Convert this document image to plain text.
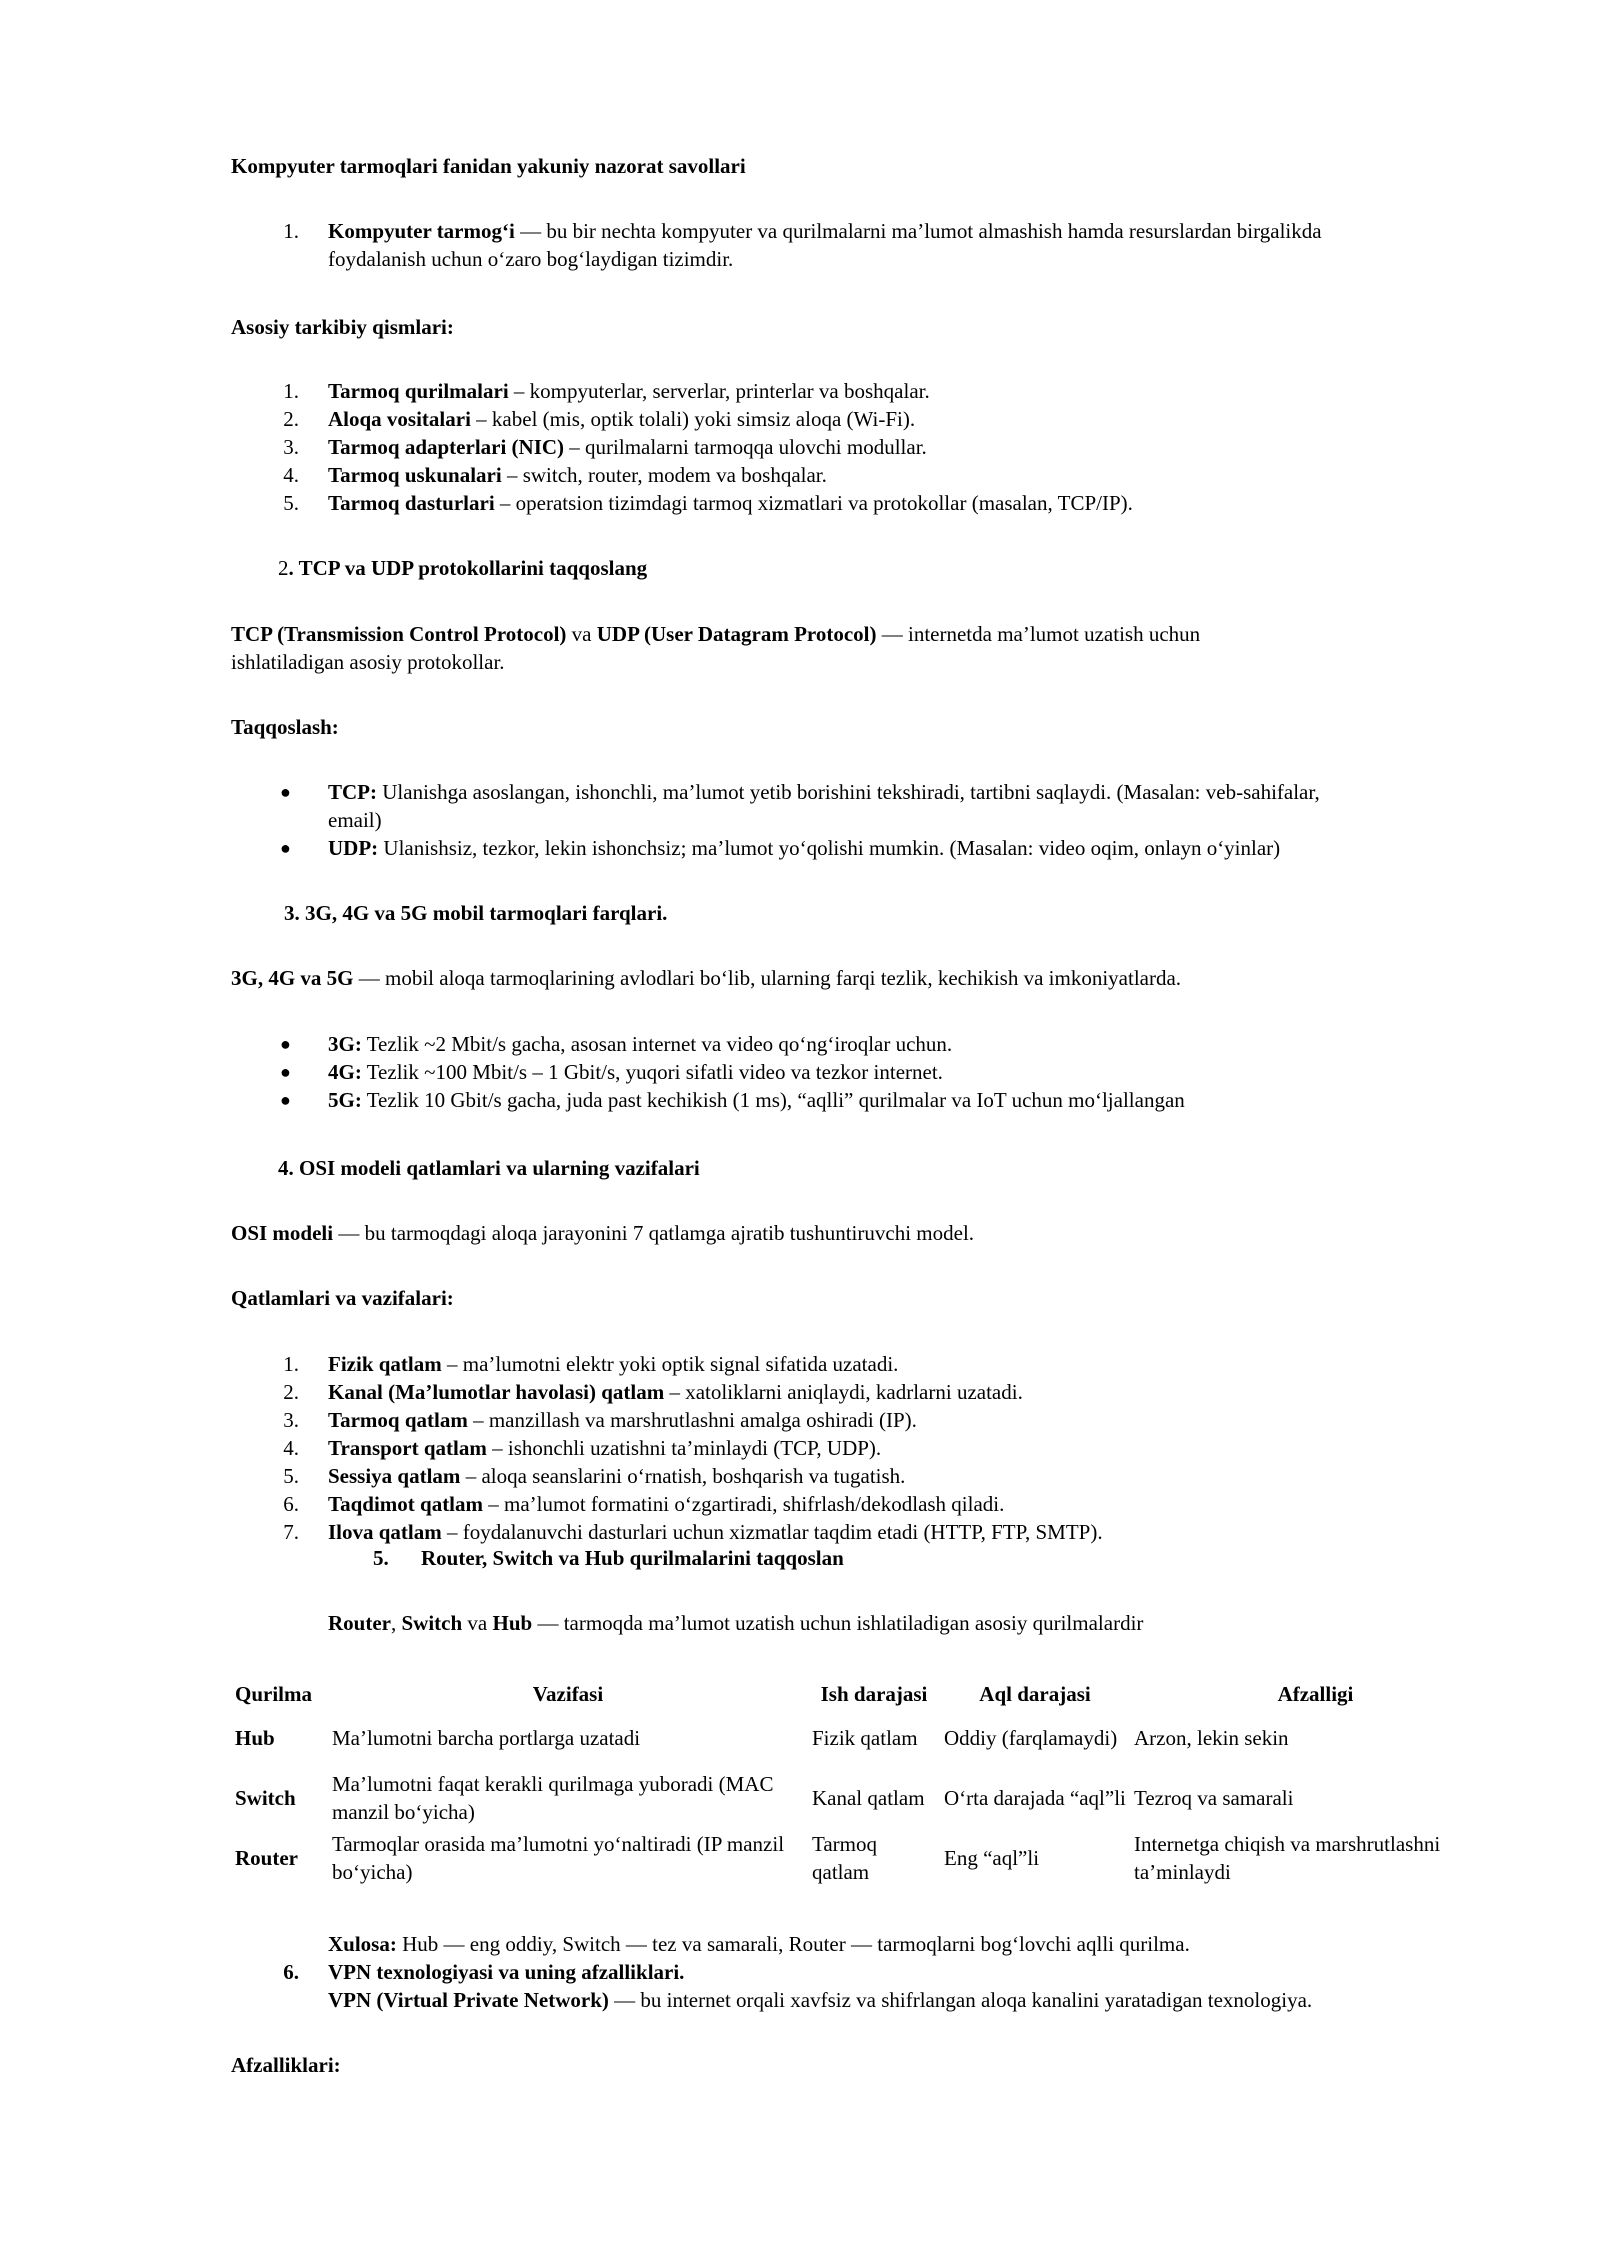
Kompyuter tarmoqlari fanidan yakuniy nazorat savollari

1. Kompyuter tarmog‘i — bu bir nechta kompyuter va qurilmalarni ma’lumot almashish hamda resurslardan birgalikda

foydalanish uchun o‘zaro bog‘laydigan tizimdir.

Asosiy tarkibiy qismlari:

1. Tarmoq qurilmalari – kompyuterlar, serverlar, printerlar va boshqalar.

2. Aloqa vositalari – kabel (mis, optik tolali) yoki simsiz aloqa (Wi-Fi).

3. Tarmoq adapterlari (NIC) – qurilmalarni tarmoqqa ulovchi modullar.

4. Tarmoq uskunalari – switch, router, modem va boshqalar.

5. Tarmoq dasturlari – operatsion tizimdagi tarmoq xizmatlari va protokollar (masalan, TCP/IP).

2. TCP va UDP protokollarini taqqoslang

TCP (Transmission Control Protocol) va UDP (User Datagram Protocol) — internetda ma’lumot uzatish uchun

ishlatiladigan asosiy protokollar.

Taqqoslash:

● TCP: Ulanishga asoslangan, ishonchli, ma’lumot yetib borishini tekshiradi, tartibni saqlaydi. (Masalan: veb-sahifalar,

email)

● UDP: Ulanishsiz, tezkor, lekin ishonchsiz; ma’lumot yo‘qolishi mumkin. (Masalan: video oqim, onlayn o‘yinlar)

3. 3G, 4G va 5G mobil tarmoqlari farqlari.

3G, 4G va 5G — mobil aloqa tarmoqlarining avlodlari bo‘lib, ularning farqi tezlik, kechikish va imkoniyatlarda.

● 3G: Tezlik ~2 Mbit/s gacha, asosan internet va video qo‘ng‘iroqlar uchun.

● 4G: Tezlik ~100 Mbit/s – 1 Gbit/s, yuqori sifatli video va tezkor internet.

● 5G: Tezlik 10 Gbit/s gacha, juda past kechikish (1 ms), “aqlli” qurilmalar va IoT uchun mo‘ljallangan

4. OSI modeli qatlamlari va ularning vazifalari

OSI modeli — bu tarmoqdagi aloqa jarayonini 7 qatlamga ajratib tushuntiruvchi model.

Qatlamlari va vazifalari:

1. Fizik qatlam – ma’lumotni elektr yoki optik signal sifatida uzatadi.

2. Kanal (Ma’lumotlar havolasi) qatlam – xatoliklarni aniqlaydi, kadrlarni uzatadi.

3. Tarmoq qatlam – manzillash va marshrutlashni amalga oshiradi (IP).

4. Transport qatlam – ishonchli uzatishni ta’minlaydi (TCP, UDP).

5. Sessiya qatlam – aloqa seanslarini o‘rnatish, boshqarish va tugatish.

6. Taqdimot qatlam – ma’lumot formatini o‘zgartiradi, shifrlash/dekodlash qiladi.

7. Ilova qatlam – foydalanuvchi dasturlari uchun xizmatlar taqdim etadi (HTTP, FTP, SMTP).

5. Router, Switch va Hub qurilmalarini taqqoslan

Router, Switch va Hub — tarmoqda ma’lumot uzatish uchun ishlatiladigan asosiy qurilmalardir

Qurilma	Vazifasi	Ish darajasi	Aql darajasi	Afzalligi
Hub	Ma’lumotni barcha portlarga uzatadi	Fizik qatlam	Oddiy (farqlamaydi)	Arzon, lekin sekin
Switch	Ma’lumotni faqat kerakli qurilmaga yuboradi (MAC manzil bo‘yicha)	Kanal qatlam	O‘rta darajada “aql”li	Tezroq va samarali
Router	Tarmoqlar orasida ma’lumotni yo‘naltiradi (IP manzil bo‘yicha)	Tarmoq qatlam	Eng “aql”li	Internetga chiqish va marshrutlashni ta’minlaydi

Xulosa: Hub — eng oddiy, Switch — tez va samarali, Router — tarmoqlarni bog‘lovchi aqlli qurilma.

6. VPN texnologiyasi va uning afzalliklari.

VPN (Virtual Private Network) — bu internet orqali xavfsiz va shifrlangan aloqa kanalini yaratadigan texnologiya.

Afzalliklari:
